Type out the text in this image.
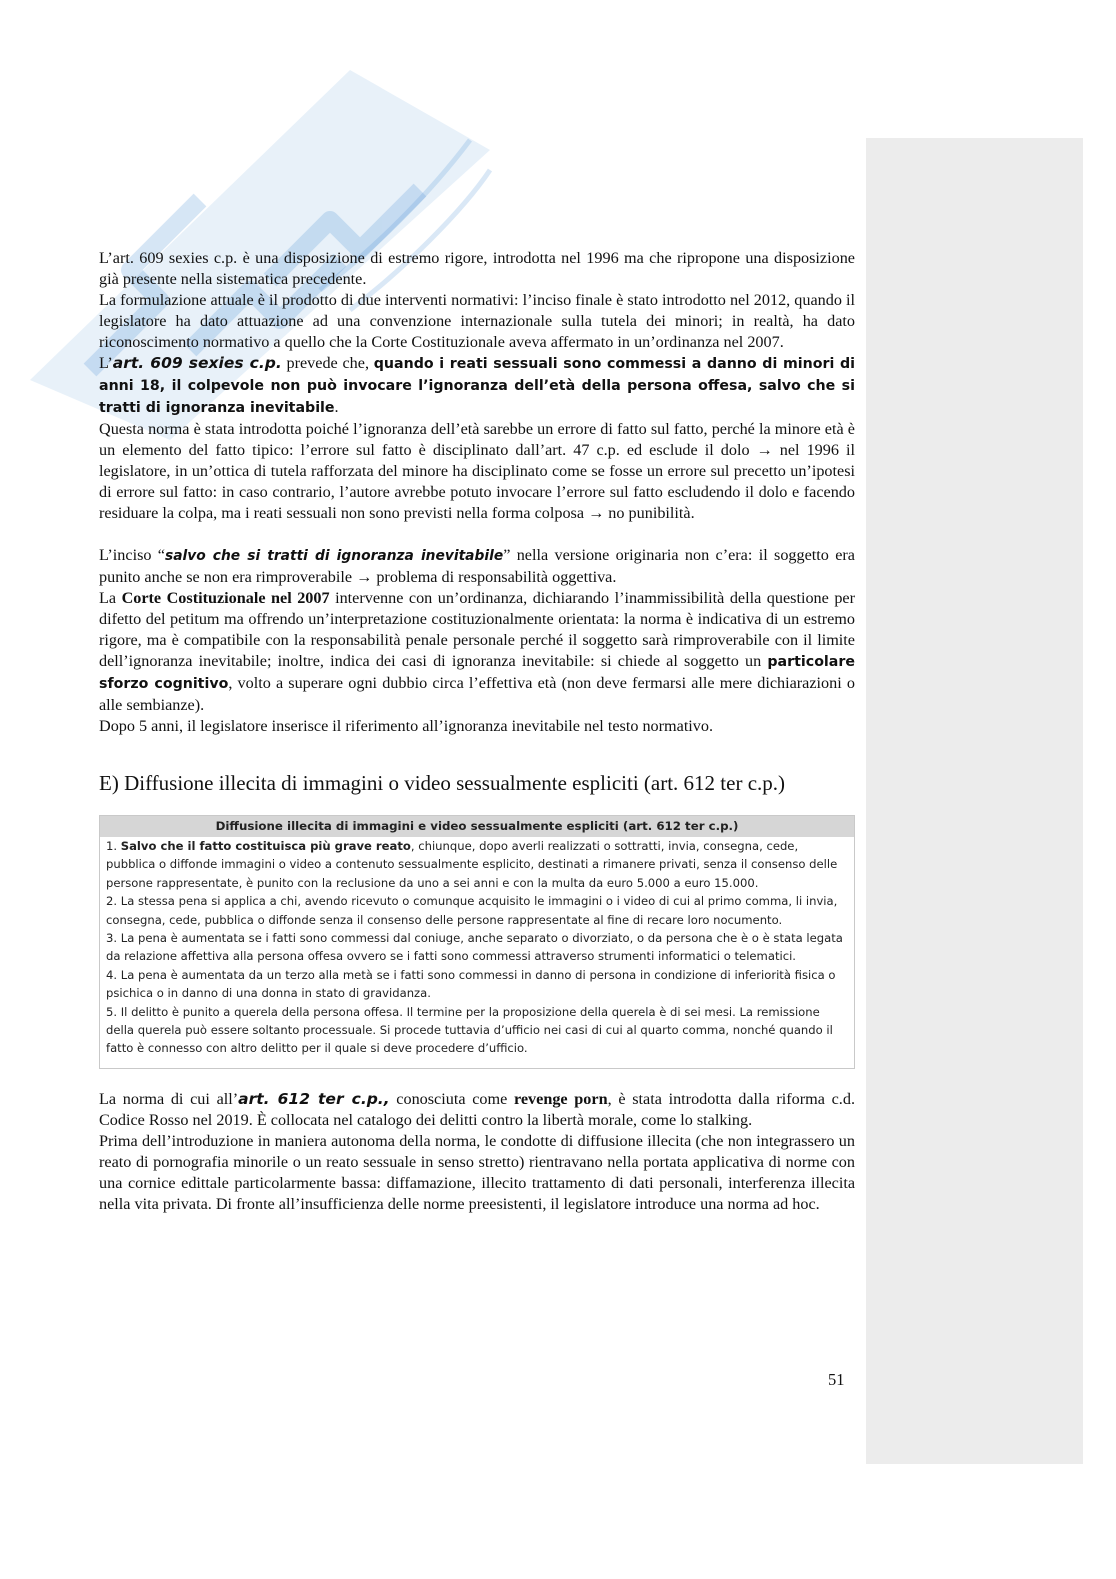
L’art. 609 sexies c.p. è una disposizione di estremo rigore, introdotta nel 1996 ma che ripropone una disposizione già presente nella sistematica precedente.

La formulazione attuale è il prodotto di due interventi normativi: l’inciso finale è stato introdotto nel 2012, quando il legislatore ha dato attuazione ad una convenzione internazionale sulla tutela dei minori; in realtà, ha dato riconoscimento normativo a quello che la Corte Costituzionale aveva affermato in un’ordinanza nel 2007.

L’art. 609 sexies c.p. prevede che, quando i reati sessuali sono commessi a danno di minori di anni 18, il colpevole non può invocare l’ignoranza dell’età della persona offesa, salvo che si tratti di ignoranza inevitabile.

Questa norma è stata introdotta poiché l’ignoranza dell’età sarebbe un errore di fatto sul fatto, perché la minore età è un elemento del fatto tipico: l’errore sul fatto è disciplinato dall’art. 47 c.p. ed esclude il dolo → nel 1996 il legislatore, in un’ottica di tutela rafforzata del minore ha disciplinato come se fosse un errore sul precetto un’ipotesi di errore sul fatto: in caso contrario, l’autore avrebbe potuto invocare l’errore sul fatto escludendo il dolo e facendo residuare la colpa, ma i reati sessuali non sono previsti nella forma colposa → no punibilità.

L’inciso “salvo che si tratti di ignoranza inevitabile” nella versione originaria non c’era: il soggetto era punito anche se non era rimproverabile → problema di responsabilità oggettiva.

La Corte Costituzionale nel 2007 intervenne con un’ordinanza, dichiarando l’inammissibilità della questione per difetto del petitum ma offrendo un’interpretazione costituzionalmente orientata: la norma è indicativa di un estremo rigore, ma è compatibile con la responsabilità penale personale perché il soggetto sarà rimproverabile con il limite dell’ignoranza inevitabile; inoltre, indica dei casi di ignoranza inevitabile: si chiede al soggetto un particolare sforzo cognitivo, volto a superare ogni dubbio circa l’effettiva età (non deve fermarsi alle mere dichiarazioni o alle sembianze).

Dopo 5 anni, il legislatore inserisce il riferimento all’ignoranza inevitabile nel testo normativo.

E) Diffusione illecita di immagini o video sessualmente espliciti (art. 612 ter c.p.)
Diffusione illecita di immagini e video sessualmente espliciti (art. 612 ter c.p.)
1. Salvo che il fatto costituisca più grave reato, chiunque, dopo averli realizzati o sottratti, invia, consegna, cede, pubblica o diffonde immagini o video a contenuto sessualmente esplicito, destinati a rimanere privati, senza il consenso delle persone rappresentate, è punito con la reclusione da uno a sei anni e con la multa da euro 5.000 a euro 15.000.
2. La stessa pena si applica a chi, avendo ricevuto o comunque acquisito le immagini o i video di cui al primo comma, li invia, consegna, cede, pubblica o diffonde senza il consenso delle persone rappresentate al fine di recare loro nocumento.
3. La pena è aumentata se i fatti sono commessi dal coniuge, anche separato o divorziato, o da persona che è o è stata legata da relazione affettiva alla persona offesa ovvero se i fatti sono commessi attraverso strumenti informatici o telematici.
4. La pena è aumentata da un terzo alla metà se i fatti sono commessi in danno di persona in condizione di inferiorità fisica o psichica o in danno di una donna in stato di gravidanza.
5. Il delitto è punito a querela della persona offesa. Il termine per la proposizione della querela è di sei mesi. La remissione della querela può essere soltanto processuale. Si procede tuttavia d’ufficio nei casi di cui al quarto comma, nonché quando il fatto è connesso con altro delitto per il quale si deve procedere d’ufficio.

La norma di cui all’art. 612 ter c.p., conosciuta come revenge porn, è stata introdotta dalla riforma c.d. Codice Rosso nel 2019. È collocata nel catalogo dei delitti contro la libertà morale, come lo stalking.

Prima dell’introduzione in maniera autonoma della norma, le condotte di diffusione illecita (che non integrassero un reato di pornografia minorile o un reato sessuale in senso stretto) rientravano nella portata applicativa di norme con una cornice edittale particolarmente bassa: diffamazione, illecito trattamento di dati personali, interferenza illecita nella vita privata. Di fronte all’insufficienza delle norme preesistenti, il legislatore introduce una norma ad hoc.

51
